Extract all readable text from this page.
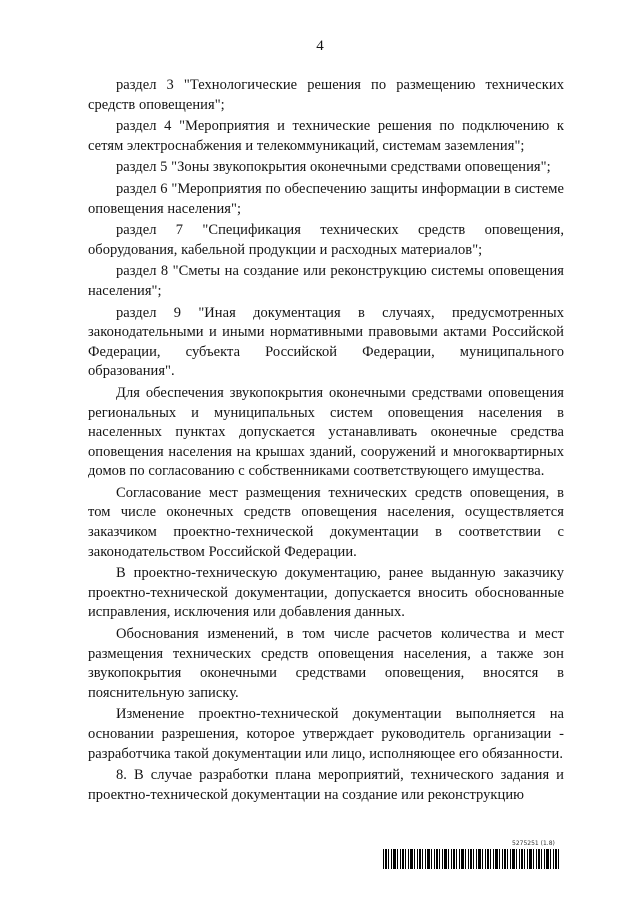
4

раздел 3 "Технологические решения по размещению технических средств оповещения";

раздел 4 "Мероприятия и технические решения по подключению к сетям электроснабжения и телекоммуникаций, системам заземления";

раздел 5 "Зоны звукопокрытия оконечными средствами оповещения";

раздел 6 "Мероприятия по обеспечению защиты информации в системе оповещения населения";

раздел 7 "Спецификация технических средств оповещения, оборудования, кабельной продукции и расходных материалов";

раздел 8 "Сметы на создание или реконструкцию системы оповещения населения";

раздел 9 "Иная документация в случаях, предусмотренных законодательными и иными нормативными правовыми актами Российской Федерации, субъекта Российской Федерации, муниципального образования".

Для обеспечения звукопокрытия оконечными средствами оповещения региональных и муниципальных систем оповещения населения в населенных пунктах допускается устанавливать оконечные средства оповещения населения на крышах зданий, сооружений и многоквартирных домов по согласованию с собственниками соответствующего имущества.

Согласование мест размещения технических средств оповещения, в том числе оконечных средств оповещения населения, осуществляется заказчиком проектно-технической документации в соответствии с законодательством Российской Федерации.

В проектно-техническую документацию, ранее выданную заказчику проектно-технической документации, допускается вносить обоснованные исправления, исключения или добавления данных.

Обоснования изменений, в том числе расчетов количества и мест размещения технических средств оповещения населения, а также зон звукопокрытия оконечными средствами оповещения, вносятся в пояснительную записку.

Изменение проектно-технической документации выполняется на основании разрешения, которое утверждает руководитель организации - разработчика такой документации или лицо, исполняющее его обязанности.

8. В случае разработки плана мероприятий, технического задания и проектно-технической документации на создание или реконструкцию

5275251 (1.8)
